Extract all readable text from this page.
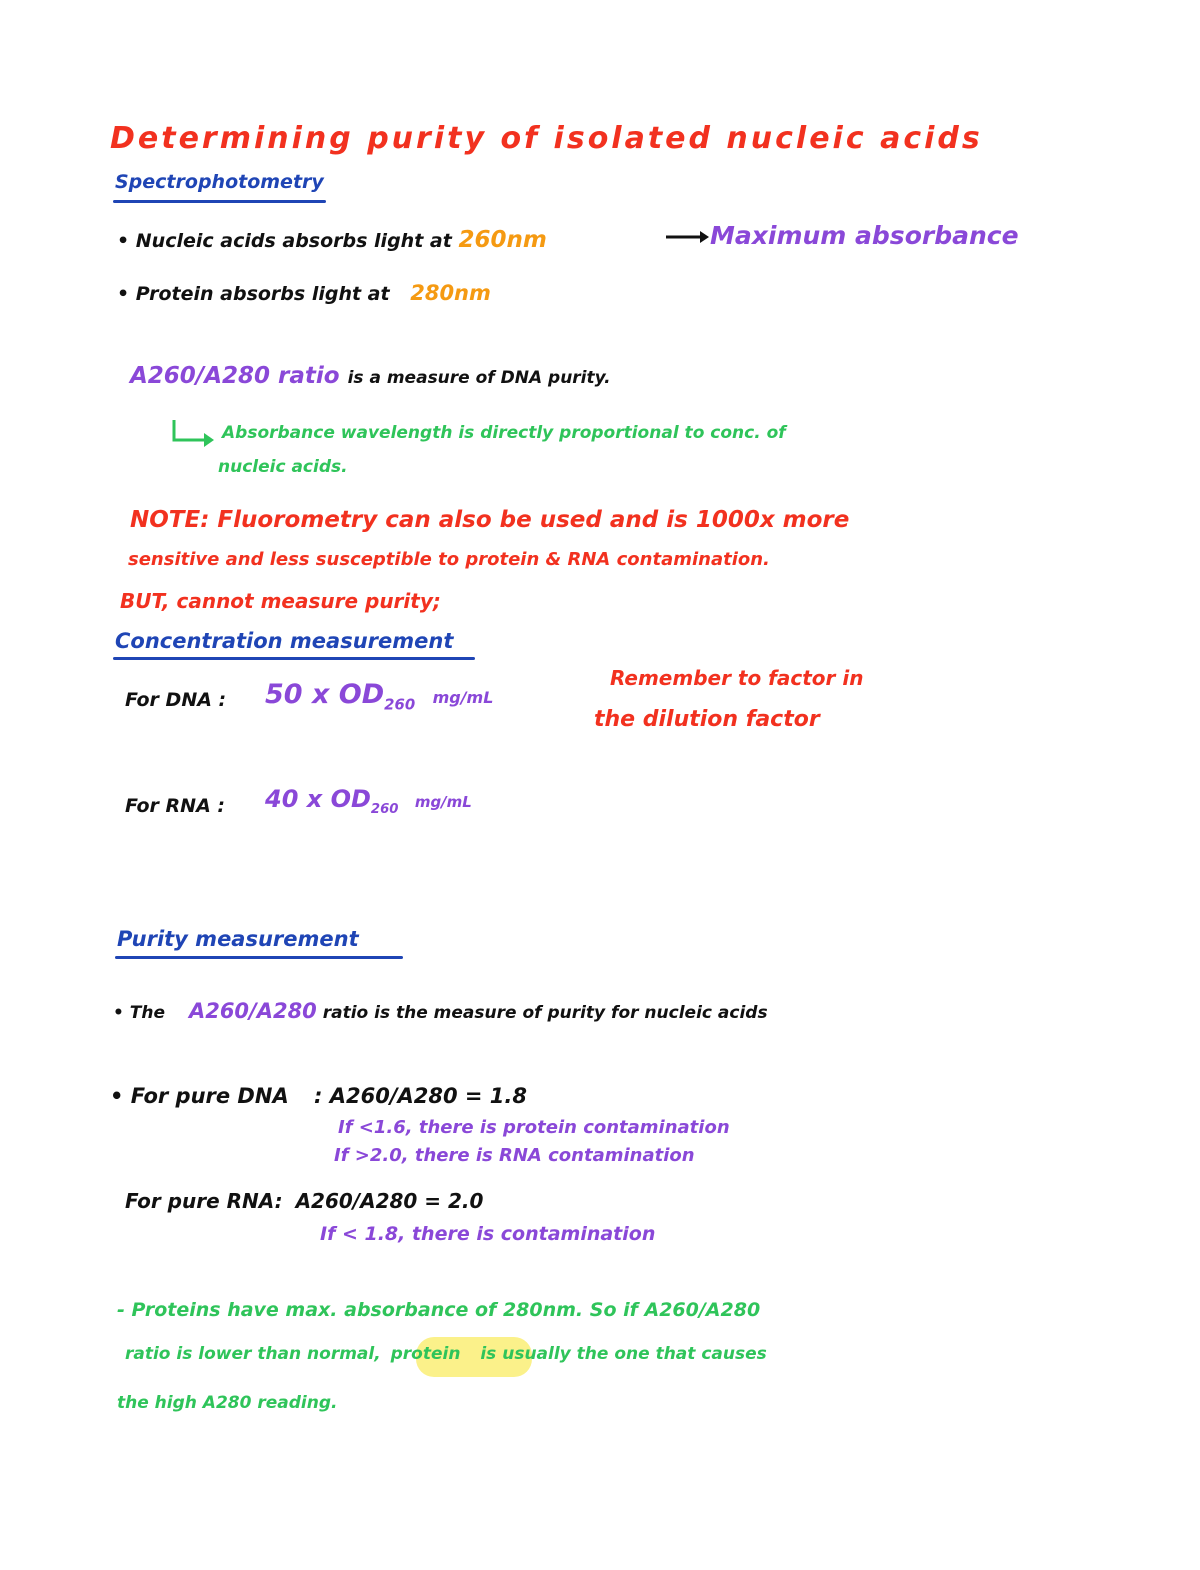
Determining purity of isolated nucleic acids
Spectrophotometry
• Nucleic acids absorbs light at 260nm	Maximum absorbance
• Protein absorbs light at 280nm
A260/A280 ratio is a measure of DNA purity.
Absorbance wavelength is directly proportional to conc. of
nucleic acids.
NOTE: Fluorometry can also be used and is 1000x more
sensitive and less susceptible to protein & RNA contamination.
BUT, cannot measure purity;
Concentration measurement
For DNA : 50 x $OD_{260}$ mg/mL
Remember to factor in
the dilution factor
For RNA : 40 x $OD_{260}$ mg/mL
Purity measurement
• The A260/A280 ratio is the measure of purity for nucleic acids
• For pure DNA : A260/A280 = 1.8
If <1.6, there is protein contamination
If >2.0, there is RNA contamination
For pure RNA: A260/A280 = 2.0
If < 1.8, there is contamination
- Proteins have max. absorbance of 280nm. So if A260/A280
ratio is lower than normal, protein is usually the one that causes
the high A280 reading.
